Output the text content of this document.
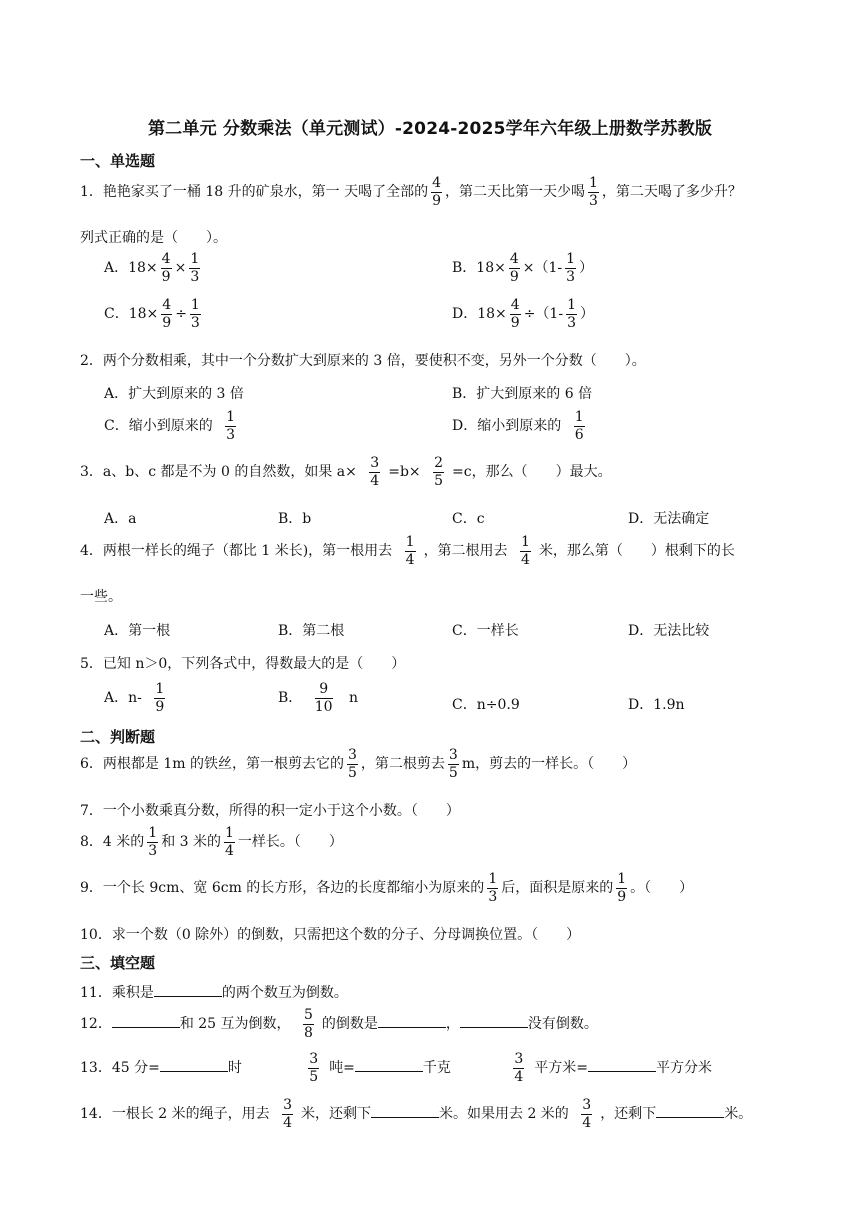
第二单元 分数乘法（单元测试）-2024-2025学年六年级上册数学苏教版
一、单选题
1．艳艳家买了一桶 18 升的矿泉水，第一 天喝了全部的 $\frac{4}{9}$ ，第二天比第一天少喝 $\frac{1}{3}$ ，第二天喝了多少升？
列式正确的是（　　）。
A．$18\times \frac{4}{9} \times \frac{1}{3}$	B．$18\times \frac{4}{9} \times(1- \frac{1}{3}$ ）
C．$18\times \frac{4}{9} \div \frac{1}{3}$	D．$18\times \frac{4}{9} \div(1- \frac{1}{3}$ ）
2．两个分数相乘，其中一个分数扩大到原来的 3 倍，要使积不变，另外一个分数（　　）。
A．扩大到原来的 3 倍	B．扩大到原来的 6 倍
C．缩小到原来的 $\frac{1}{3}$	D．缩小到原来的 $\frac{1}{6}$
3．a、b、c 都是不为 0 的自然数，如果 $a\times \frac{3}{4} =b\times \frac{2}{5} =c$，那么（　　）最大。
A．a	B．b	C．c	D．无法确定
4．两根一样长的绳子（都比 1 米长)，第一根用去 $\frac{1}{4}$ ，第二根用去 $\frac{1}{4}$ 米，那么第（　　）根剩下的长
一些。
A．第一根	B．第二根	C．一样长	D．无法比较
5．已知 n＞0，下列各式中，得数最大的是（　　）
A．$n- \frac{1}{9}$	B． $\frac{9}{10}$ n	C．n÷0.9	D．1.9n
二、判断题
6．两根都是 1m 的铁丝，第一根剪去它的 $\frac{3}{5}$ ，第二根剪去 $\frac{3}{5}$ m，剪去的一样长。（　　）
7．一个小数乘真分数，所得的积一定小于这个小数。（　　）
8．4 米的 $\frac{1}{3}$ 和 3 米的 $\frac{1}{4}$ 一样长。（　　）
9．一个长 9cm、宽 6cm 的长方形，各边的长度都缩小为原来的 $\frac{1}{3}$ 后，面积是原来的 $\frac{1}{9}$ 。（　　）
10．求一个数（0 除外）的倒数，只需把这个数的分子、分母调换位置。（　　）
三、填空题
11．乘积是	的两个数互为倒数。
12．	和 25 互为倒数， $\frac{5}{8}$ 的倒数是	，	没有倒数。
13．45 分=	时	$\frac{3}{5}$ 吨=	千克	$\frac{3}{4}$ 平方米=	平方分米
14．一根长 2 米的绳子，用去 $\frac{3}{4}$ 米，还剩下	米。如果用去 2 米的 $\frac{3}{4}$ ，还剩下	米。
